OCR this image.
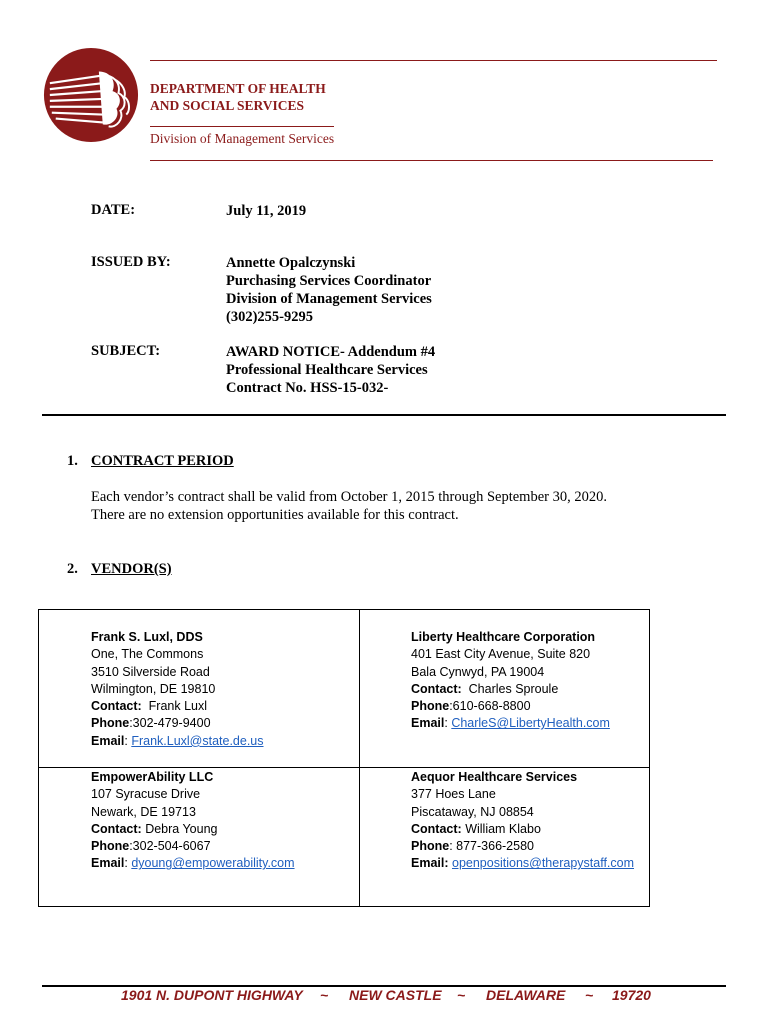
DEPARTMENT OF HEALTH
AND SOCIAL SERVICES
Division of Management Services
DATE:	July 11, 2019
ISSUED BY:	Annette Opalczynski
Purchasing Services Coordinator
Division of Management Services
(302)255-9295
SUBJECT:	AWARD NOTICE- Addendum #4
Professional Healthcare Services
Contract No. HSS-15-032-
1. CONTRACT PERIOD
Each vendor’s contract shall be valid from October 1, 2015 through September 30, 2020.
There are no extension opportunities available for this contract.
2. VENDOR(S)
Frank S. Luxl, DDS
One, The Commons
3510 Silverside Road
Wilmington, DE 19810
Contact: Frank Luxl
Phone:302-479-9400
Email: Frank.Luxl@state.de.us
Liberty Healthcare Corporation
401 East City Avenue, Suite 820
Bala Cynwyd, PA 19004
Contact: Charles Sproule
Phone:610-668-8800
Email: CharleS@LibertyHealth.com
EmpowerAbility LLC
107 Syracuse Drive
Newark, DE 19713
Contact: Debra Young
Phone:302-504-6067
Email: dyoung@empowerability.com
Aequor Healthcare Services
377 Hoes Lane
Piscataway, NJ 08854
Contact: William Klabo
Phone: 877-366-2580
Email: openpositions@therapystaff.com
1901 N. DUPONT HIGHWAY ~ NEW CASTLE ~ DELAWARE ~ 19720
